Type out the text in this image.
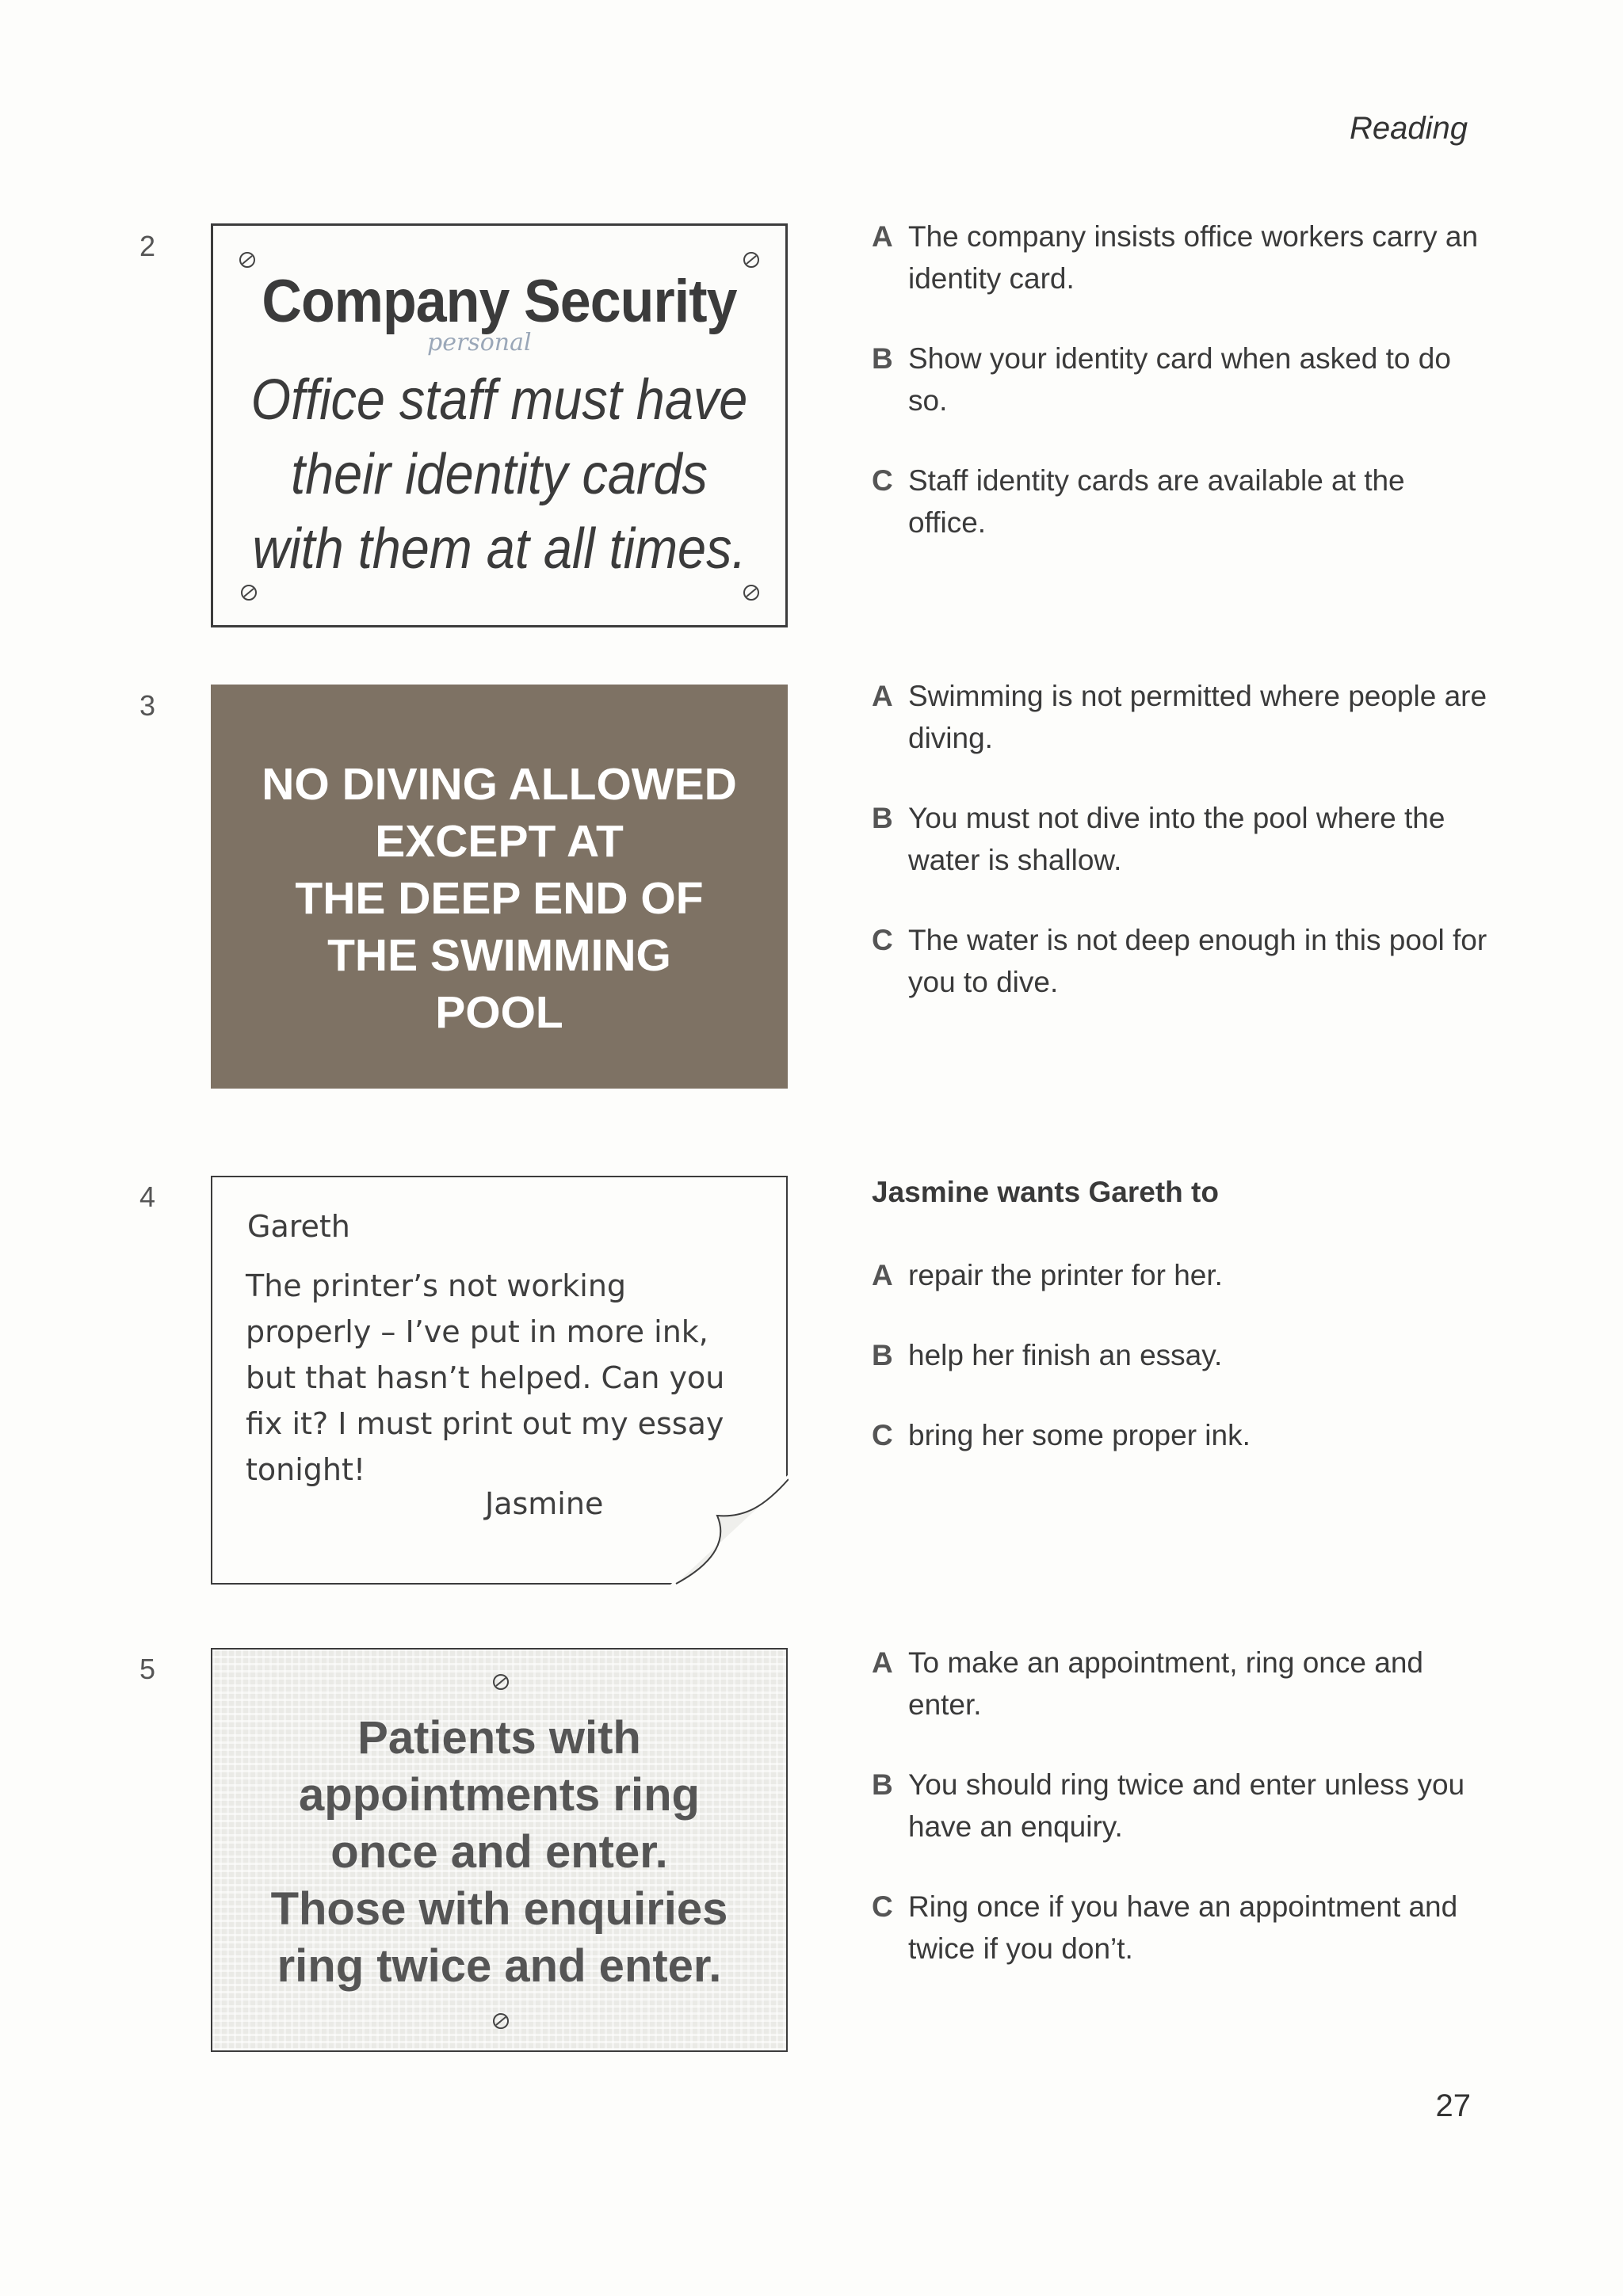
Reading
2
Company Security
personal
Office staff must have
their identity cards
with them at all times.
A The company insists office workers carry an identity card.
B Show your identity card when asked to do so.
C Staff identity cards are available at the office.
3
NO DIVING ALLOWED
EXCEPT AT
THE DEEP END OF
THE SWIMMING
POOL
A Swimming is not permitted where people are diving.
B You must not dive into the pool where the water is shallow.
C The water is not deep enough in this pool for you to dive.
4
Gareth
The printer’s not working properly – I’ve put in more ink, but that hasn’t helped. Can you fix it? I must print out my essay tonight!
Jasmine
Jasmine wants Gareth to
A repair the printer for her.
B help her finish an essay.
C bring her some proper ink.
5
Patients with
appointments ring
once and enter.
Those with enquiries
ring twice and enter.
A To make an appointment, ring once and enter.
B You should ring twice and enter unless you have an enquiry.
C Ring once if you have an appointment and twice if you don’t.
27
